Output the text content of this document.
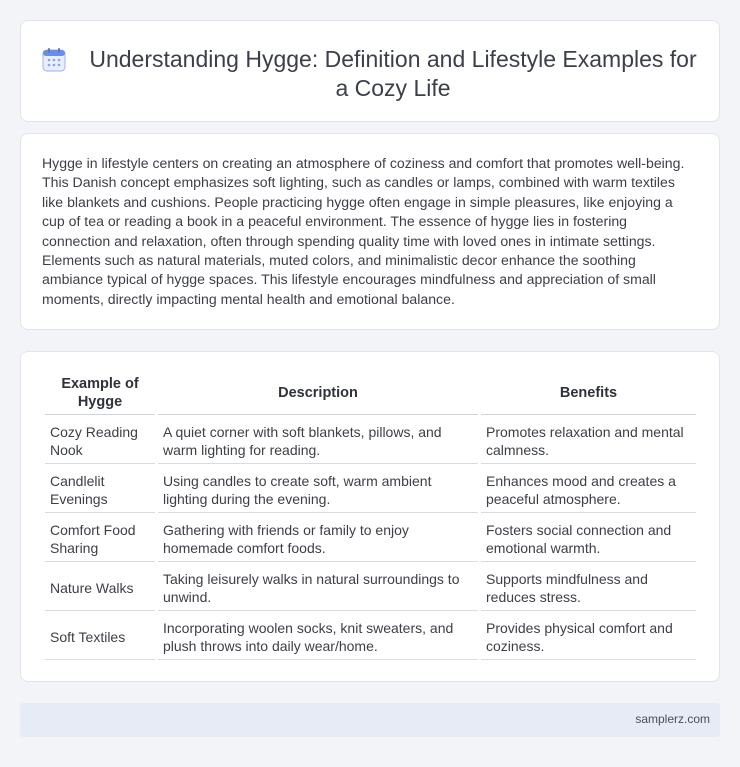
Understanding Hygge: Definition and Lifestyle Examples for a Cozy Life

Hygge in lifestyle centers on creating an atmosphere of coziness and comfort that promotes well-being. This Danish concept emphasizes soft lighting, such as candles or lamps, combined with warm textiles like blankets and cushions. People practicing hygge often engage in simple pleasures, like enjoying a cup of tea or reading a book in a peaceful environment. The essence of hygge lies in fostering connection and relaxation, often through spending quality time with loved ones in intimate settings. Elements such as natural materials, muted colors, and minimalistic decor enhance the soothing ambiance typical of hygge spaces. This lifestyle encourages mindfulness and appreciation of small moments, directly impacting mental health and emotional balance.

Example of Hygge	Description	Benefits
Cozy Reading Nook	A quiet corner with soft blankets, pillows, and warm lighting for reading.	Promotes relaxation and mental calmness.
Candlelit Evenings	Using candles to create soft, warm ambient lighting during the evening.	Enhances mood and creates a peaceful atmosphere.
Comfort Food Sharing	Gathering with friends or family to enjoy homemade comfort foods.	Fosters social connection and emotional warmth.
Nature Walks	Taking leisurely walks in natural surroundings to unwind.	Supports mindfulness and reduces stress.
Soft Textiles	Incorporating woolen socks, knit sweaters, and plush throws into daily wear/home.	Provides physical comfort and coziness.
samplerz.com
